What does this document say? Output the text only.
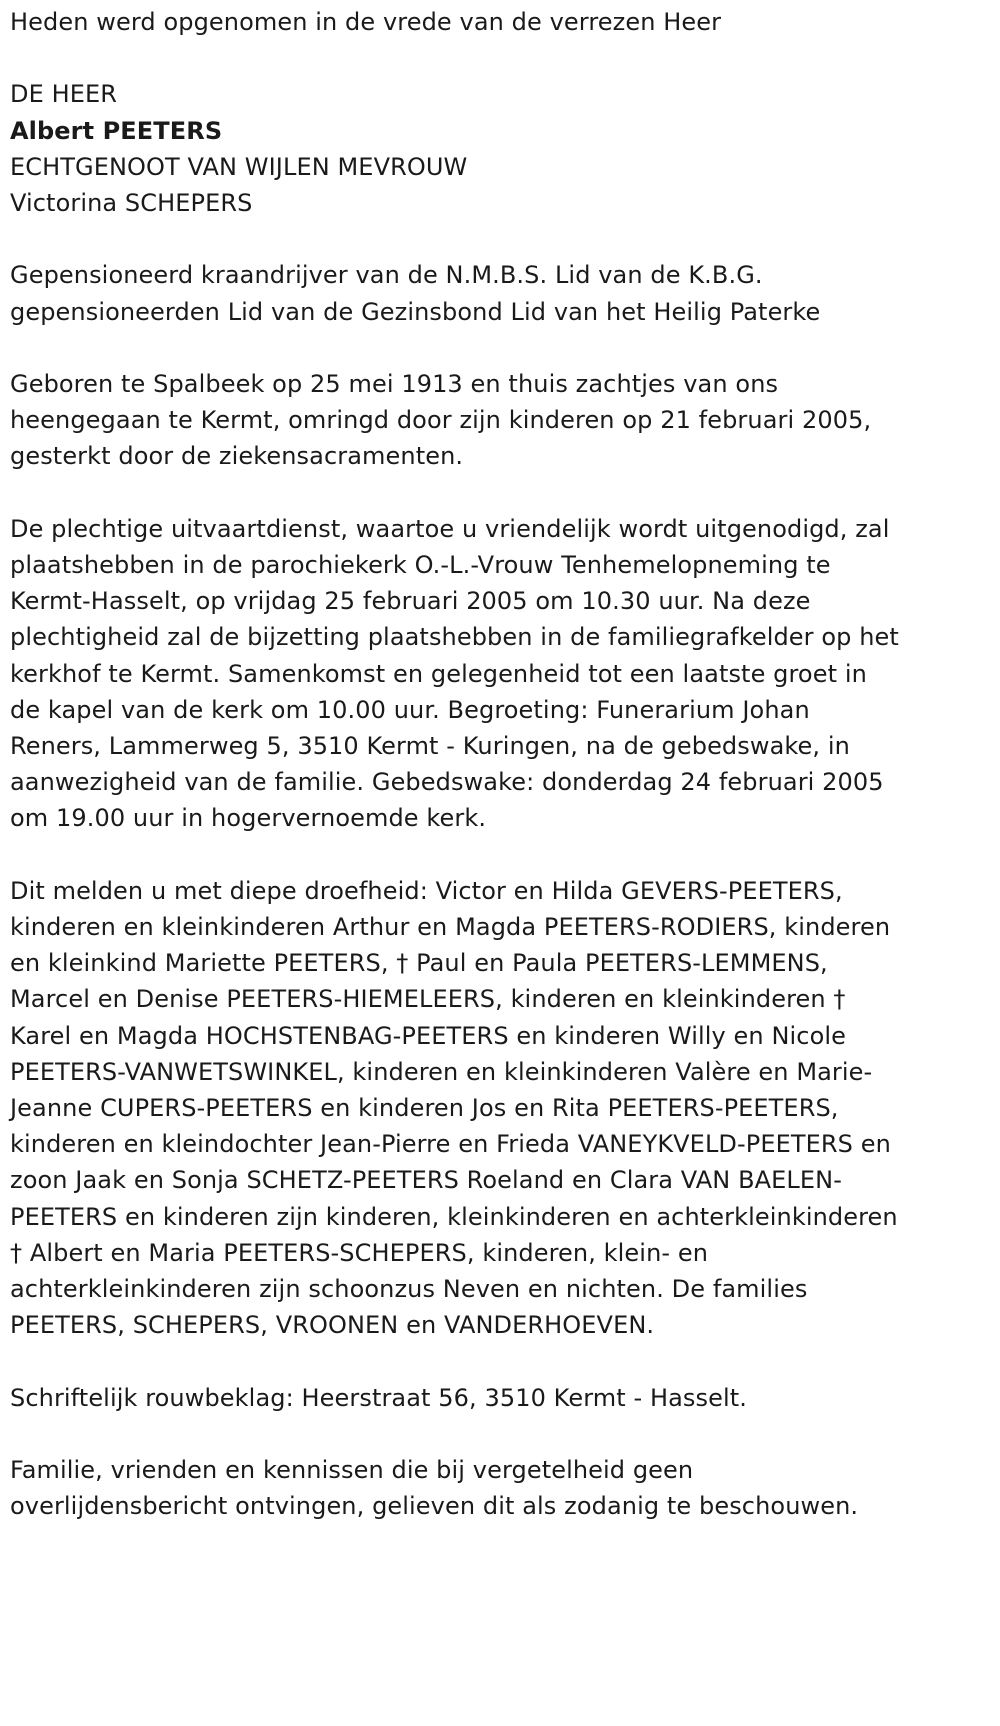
Heden werd opgenomen in de vrede van de verrezen Heer
DE HEER
Albert PEETERS
ECHTGENOOT VAN WIJLEN MEVROUW
Victorina SCHEPERS
Gepensioneerd kraandrijver van de N.M.B.S. Lid van de K.B.G.
gepensioneerden Lid van de Gezinsbond Lid van het Heilig Paterke
Geboren te Spalbeek op 25 mei 1913 en thuis zachtjes van ons
heengegaan te Kermt, omringd door zijn kinderen op 21 februari 2005,
gesterkt door de ziekensacramenten.
De plechtige uitvaartdienst, waartoe u vriendelijk wordt uitgenodigd, zal
plaatshebben in de parochiekerk O.-L.-Vrouw Tenhemelopneming te
Kermt-Hasselt, op vrijdag 25 februari 2005 om 10.30 uur. Na deze
plechtigheid zal de bijzetting plaatshebben in de familiegrafkelder op het
kerkhof te Kermt. Samenkomst en gelegenheid tot een laatste groet in
de kapel van de kerk om 10.00 uur. Begroeting: Funerarium Johan
Reners, Lammerweg 5, 3510 Kermt - Kuringen, na de gebedswake, in
aanwezigheid van de familie. Gebedswake: donderdag 24 februari 2005
om 19.00 uur in hogervernoemde kerk.
Dit melden u met diepe droefheid: Victor en Hilda GEVERS-PEETERS,
kinderen en kleinkinderen Arthur en Magda PEETERS-RODIERS, kinderen
en kleinkind Mariette PEETERS, † Paul en Paula PEETERS-LEMMENS,
Marcel en Denise PEETERS-HIEMELEERS, kinderen en kleinkinderen †
Karel en Magda HOCHSTENBAG-PEETERS en kinderen Willy en Nicole
PEETERS-VANWETSWINKEL, kinderen en kleinkinderen Valère en Marie-
Jeanne CUPERS-PEETERS en kinderen Jos en Rita PEETERS-PEETERS,
kinderen en kleindochter Jean-Pierre en Frieda VANEYKVELD-PEETERS en
zoon Jaak en Sonja SCHETZ-PEETERS Roeland en Clara VAN BAELEN-
PEETERS en kinderen zijn kinderen, kleinkinderen en achterkleinkinderen
† Albert en Maria PEETERS-SCHEPERS, kinderen, klein- en
achterkleinkinderen zijn schoonzus Neven en nichten. De families
PEETERS, SCHEPERS, VROONEN en VANDERHOEVEN.
Schriftelijk rouwbeklag: Heerstraat 56, 3510 Kermt - Hasselt.
Familie, vrienden en kennissen die bij vergetelheid geen
overlijdensbericht ontvingen, gelieven dit als zodanig te beschouwen.
